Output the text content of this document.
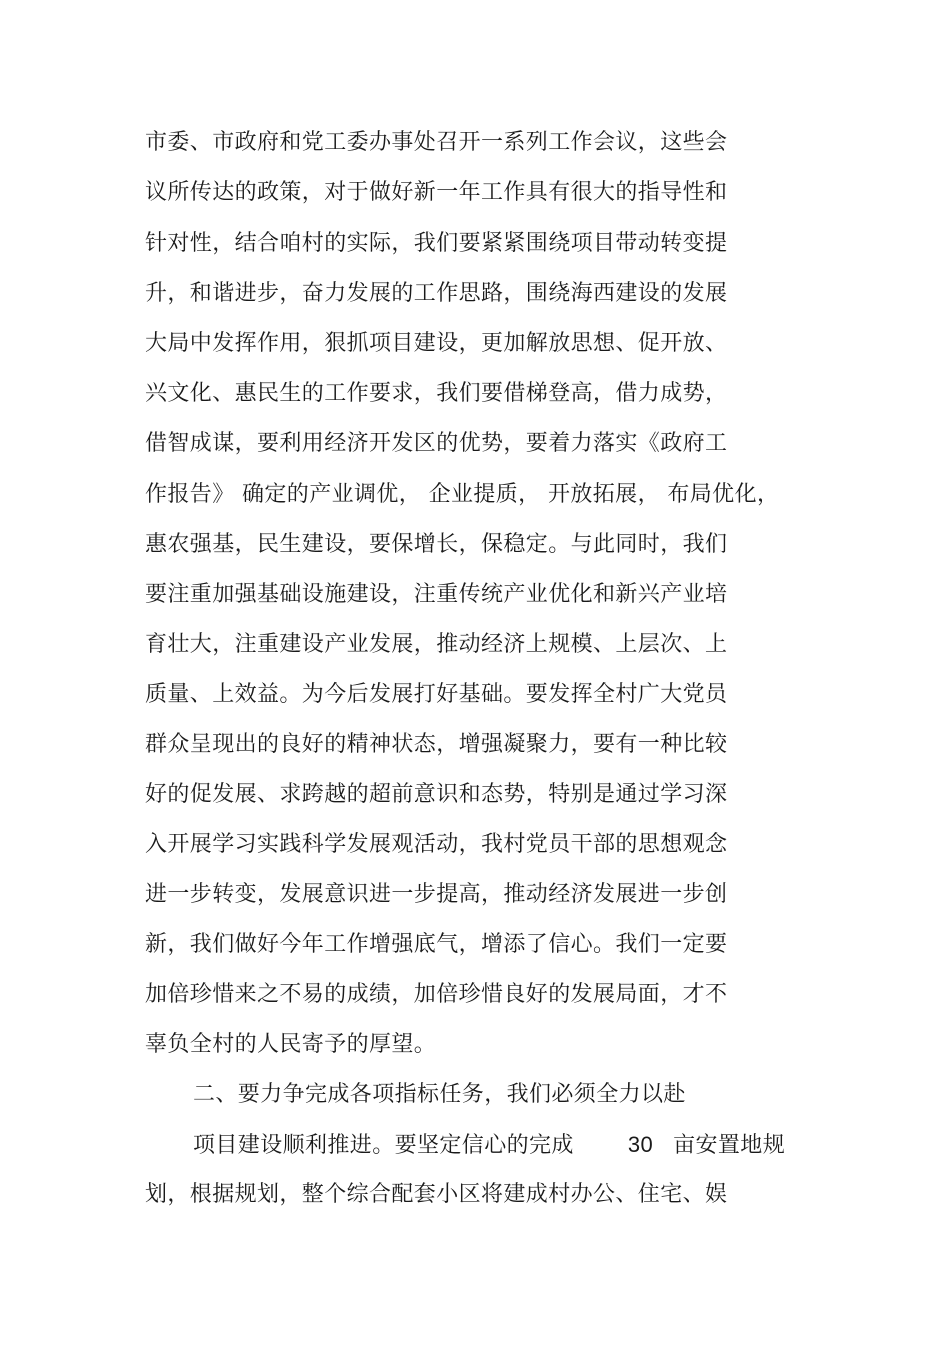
市委、市政府和党工委办事处召开一系列工作会议，这些会
议所传达的政策，对于做好新一年工作具有很大的指导性和
针对性，结合咱村的实际，我们要紧紧围绕项目带动转变提
升，和谐进步，奋力发展的工作思路，围绕海西建设的发展
大局中发挥作用，狠抓项目建设，更加解放思想、促开放、
兴文化、惠民生的工作要求，我们要借梯登高，借力成势，
借智成谋，要利用经济开发区的优势，要着力落实《政府工
作报告》 确定的产业调优， 企业提质， 开放拓展， 布局优化，
惠农强基，民生建设，要保增长，保稳定。与此同时，我们
要注重加强基础设施建设，注重传统产业优化和新兴产业培
育壮大，注重建设产业发展，推动经济上规模、上层次、上
质量、上效益。为今后发展打好基础。要发挥全村广大党员
群众呈现出的良好的精神状态，增强凝聚力，要有一种比较
好的促发展、求跨越的超前意识和态势，特别是通过学习深
入开展学习实践科学发展观活动，我村党员干部的思想观念
进一步转变，发展意识进一步提高，推动经济发展进一步创
新，我们做好今年工作增强底气，增添了信心。我们一定要
加倍珍惜来之不易的成绩，加倍珍惜良好的发展局面，才不
辜负全村的人民寄予的厚望。
二、要力争完成各项指标任务，我们必须全力以赴
项目建设顺利推进。要坚定信心的完成 30 亩安置地规
划，根据规划，整个综合配套小区将建成村办公、住宅、娱
